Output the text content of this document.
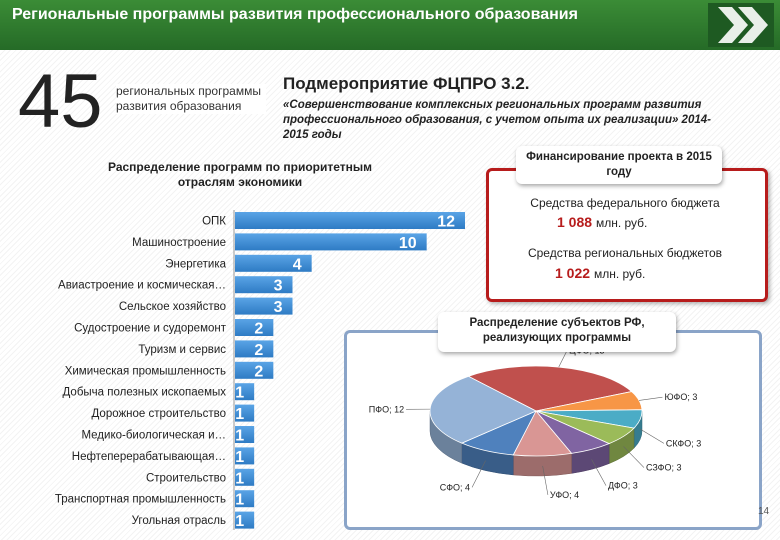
Региональные программы развития профессионального образования
45 региональных программы развития образования
Подмероприятие ФЦПРО 3.2.
«Совершенствование комплексных региональных программ развития профессионального образования, с учетом опыта их реализации» 2014-2015 годы
Распределение программ по приоритетным отраслям экономики
ОПК	12
Машиностроение	10
Энергетика	4
Авиастроение и космическая…	3
Сельское хозяйство	3
Судостроение и судоремонт 2
Туризм и сервис 2
Химическая промышленность 2
Добыча полезных ископаемых 1
Дорожное строительство 1
Медико-биологическая и… 1
Нефтеперерабатывающая… 1
Строительство 1
Транспортная промышленность 1
Угольная отрасль 1
Финансирование проекта в 2015 году
Средства федерального бюджета
1 088 млн. руб.
Средства региональных бюджетов
1 022 млн. руб.
ЮФО; 3
СКФО; 3
СЗФО; 3
ДФО; 3
УФО; 4
СФО; 4
ПФО; 12
Распределение субъектов РФ, реализующих программы
14
